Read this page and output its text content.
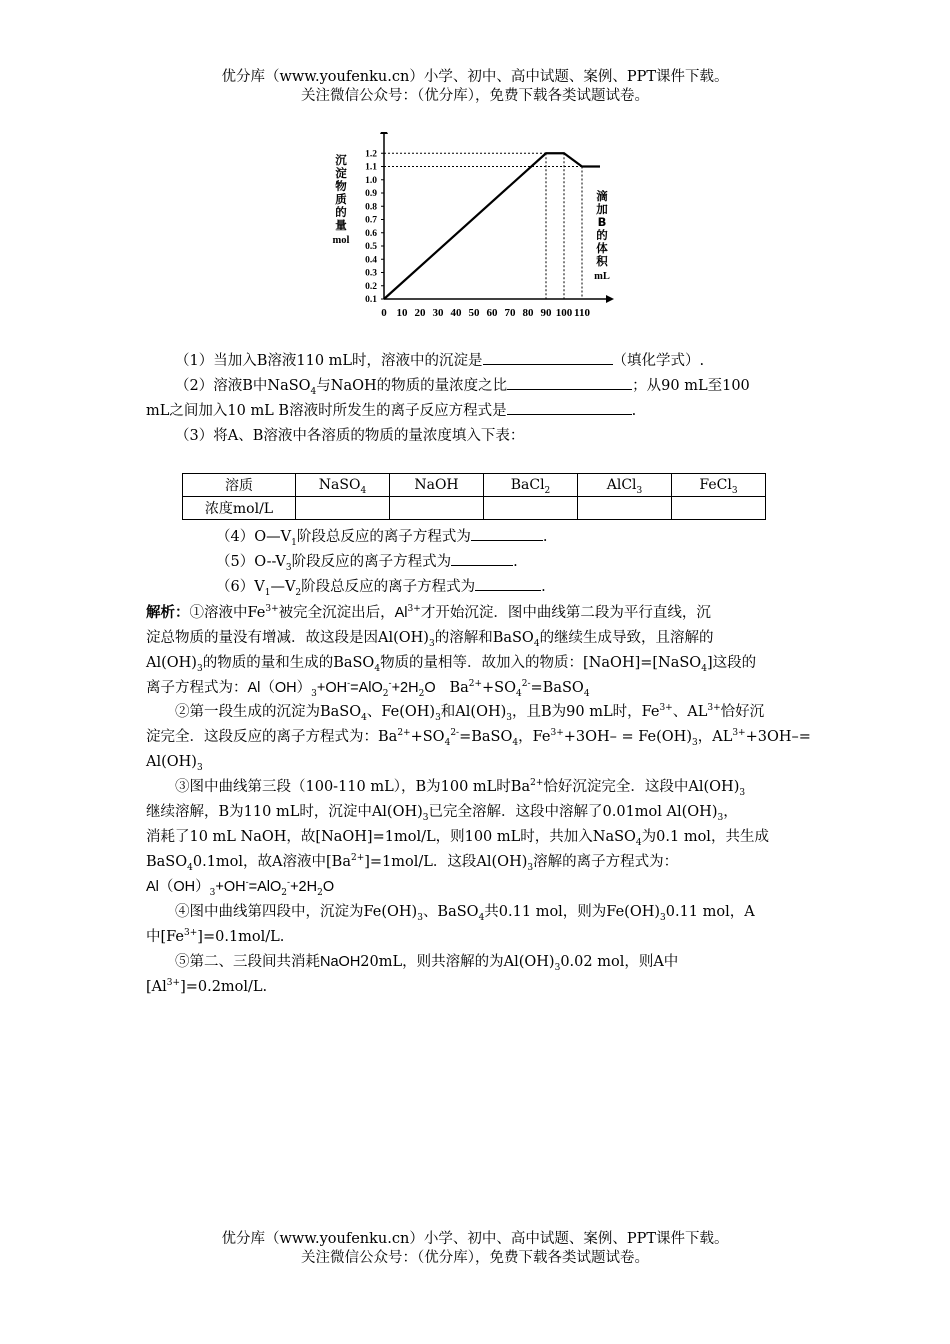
优分库（www.youfenku.cn）小学、初中、高中试题、案例、PPT课件下载。
关注微信公众号：（优分库），免费下载各类试题试卷。
0.1
0.2
0.3
0.4
0.5
0.6
0.7
0.8
0.9
1.0
1.1
1.2
0 10 20 30 40 50 60 70 80 90 100 110
沉
淀
物
质
的
量
mol
滴
加
B
的
体
积
mL
（1）当加入B溶液110 mL时，溶液中的沉淀是	（填化学式）.
（2）溶液B中NaSO$_4$与NaOH的物质的量浓度之比	；从90 mL至100
mL之间加入10 mL B溶液时所发生的离子反应方程式是	.
（3）将A、B溶液中各溶质的物质的量浓度填入下表：
溶质	NaSO$_4$	NaOH	BaCl$_2$	AlCl$_3$	FeCl$_3$
浓度mol/L					
$(4)O—V_1$阶段总反应的离子方程式为	.
$(5)O--V_3$阶段反应的离子方程式为	.
$(6)V_1—V_2$阶段总反应的离子方程式为	.
解析：①溶液中$Fe^{3+}$被完全沉淀出后，$Al^{3+}$才开始沉淀．图中曲线第二段为平行直线，沉
淀总物质的量没有增减．故这段是因$Al(OH)_3$的溶解和BaSO$_4$的继续生成导致，且溶解的
$Al(OH)_3$的物质的量和生成的BaSO$_4$物质的量相等．故加入的物质：[NaOH]=[NaSO$_4$]这段的
离子方程式为：$Al(OH)_3+OH^-=AlO_2^-+2H_2O$ $Ba^{2+}+SO_4^{2-}=BaSO_4$
②第一段生成的沉淀为BaSO$_4$、$Fe(OH)_3$和$Al(OH)_3$，且B为90 mL时，$Fe^{3+}$、$AL^{3+}$恰好沉
淀完全．这段反应的离子方程式为：$Ba^{2+}+SO_4^{2-}=BaSO_4$，$Fe^{3+}+3OH- = Fe(OH)_3$，$AL^{3+}+3OH-=$
$Al(OH)_3$
③图中曲线第三段（100-110 mL），B为100 mL时$Ba^{2+}$恰好沉淀完全．这段中$Al(OH)_3$
继续溶解，B为110 mL时，沉淀中$Al(OH)_3$已完全溶解．这段中溶解了0.01mol $Al(OH)_3$，
消耗了10 mL NaOH，故[NaOH]=1mol/L，则100 mL时，共加入NaSO$_4$为0.1 mol，共生成
BaSO$_4$0.1mol，故A溶液中$[Ba^{2+}]=1mol/L$．这段$Al(OH)_3$溶解的离子方程式为：
$Al(OH)_3+OH^-=AlO_2^-+2H_2O$
④图中曲线第四段中，沉淀为$Fe(OH)_3$、BaSO$_4$共0.11 mol，则为$Fe(OH)_30.11$ mol，A
中$[Fe^{3+}]=0.1mol/L$.
⑤第二、三段间共消耗NaOH20mL，则共溶解的为$Al(OH)_30.02$ mol，则A中
$[Al^{3+}]=0.2mol/L$.
优分库（www.youfenku.cn）小学、初中、高中试题、案例、PPT课件下载。
关注微信公众号：（优分库），免费下载各类试题试卷。
